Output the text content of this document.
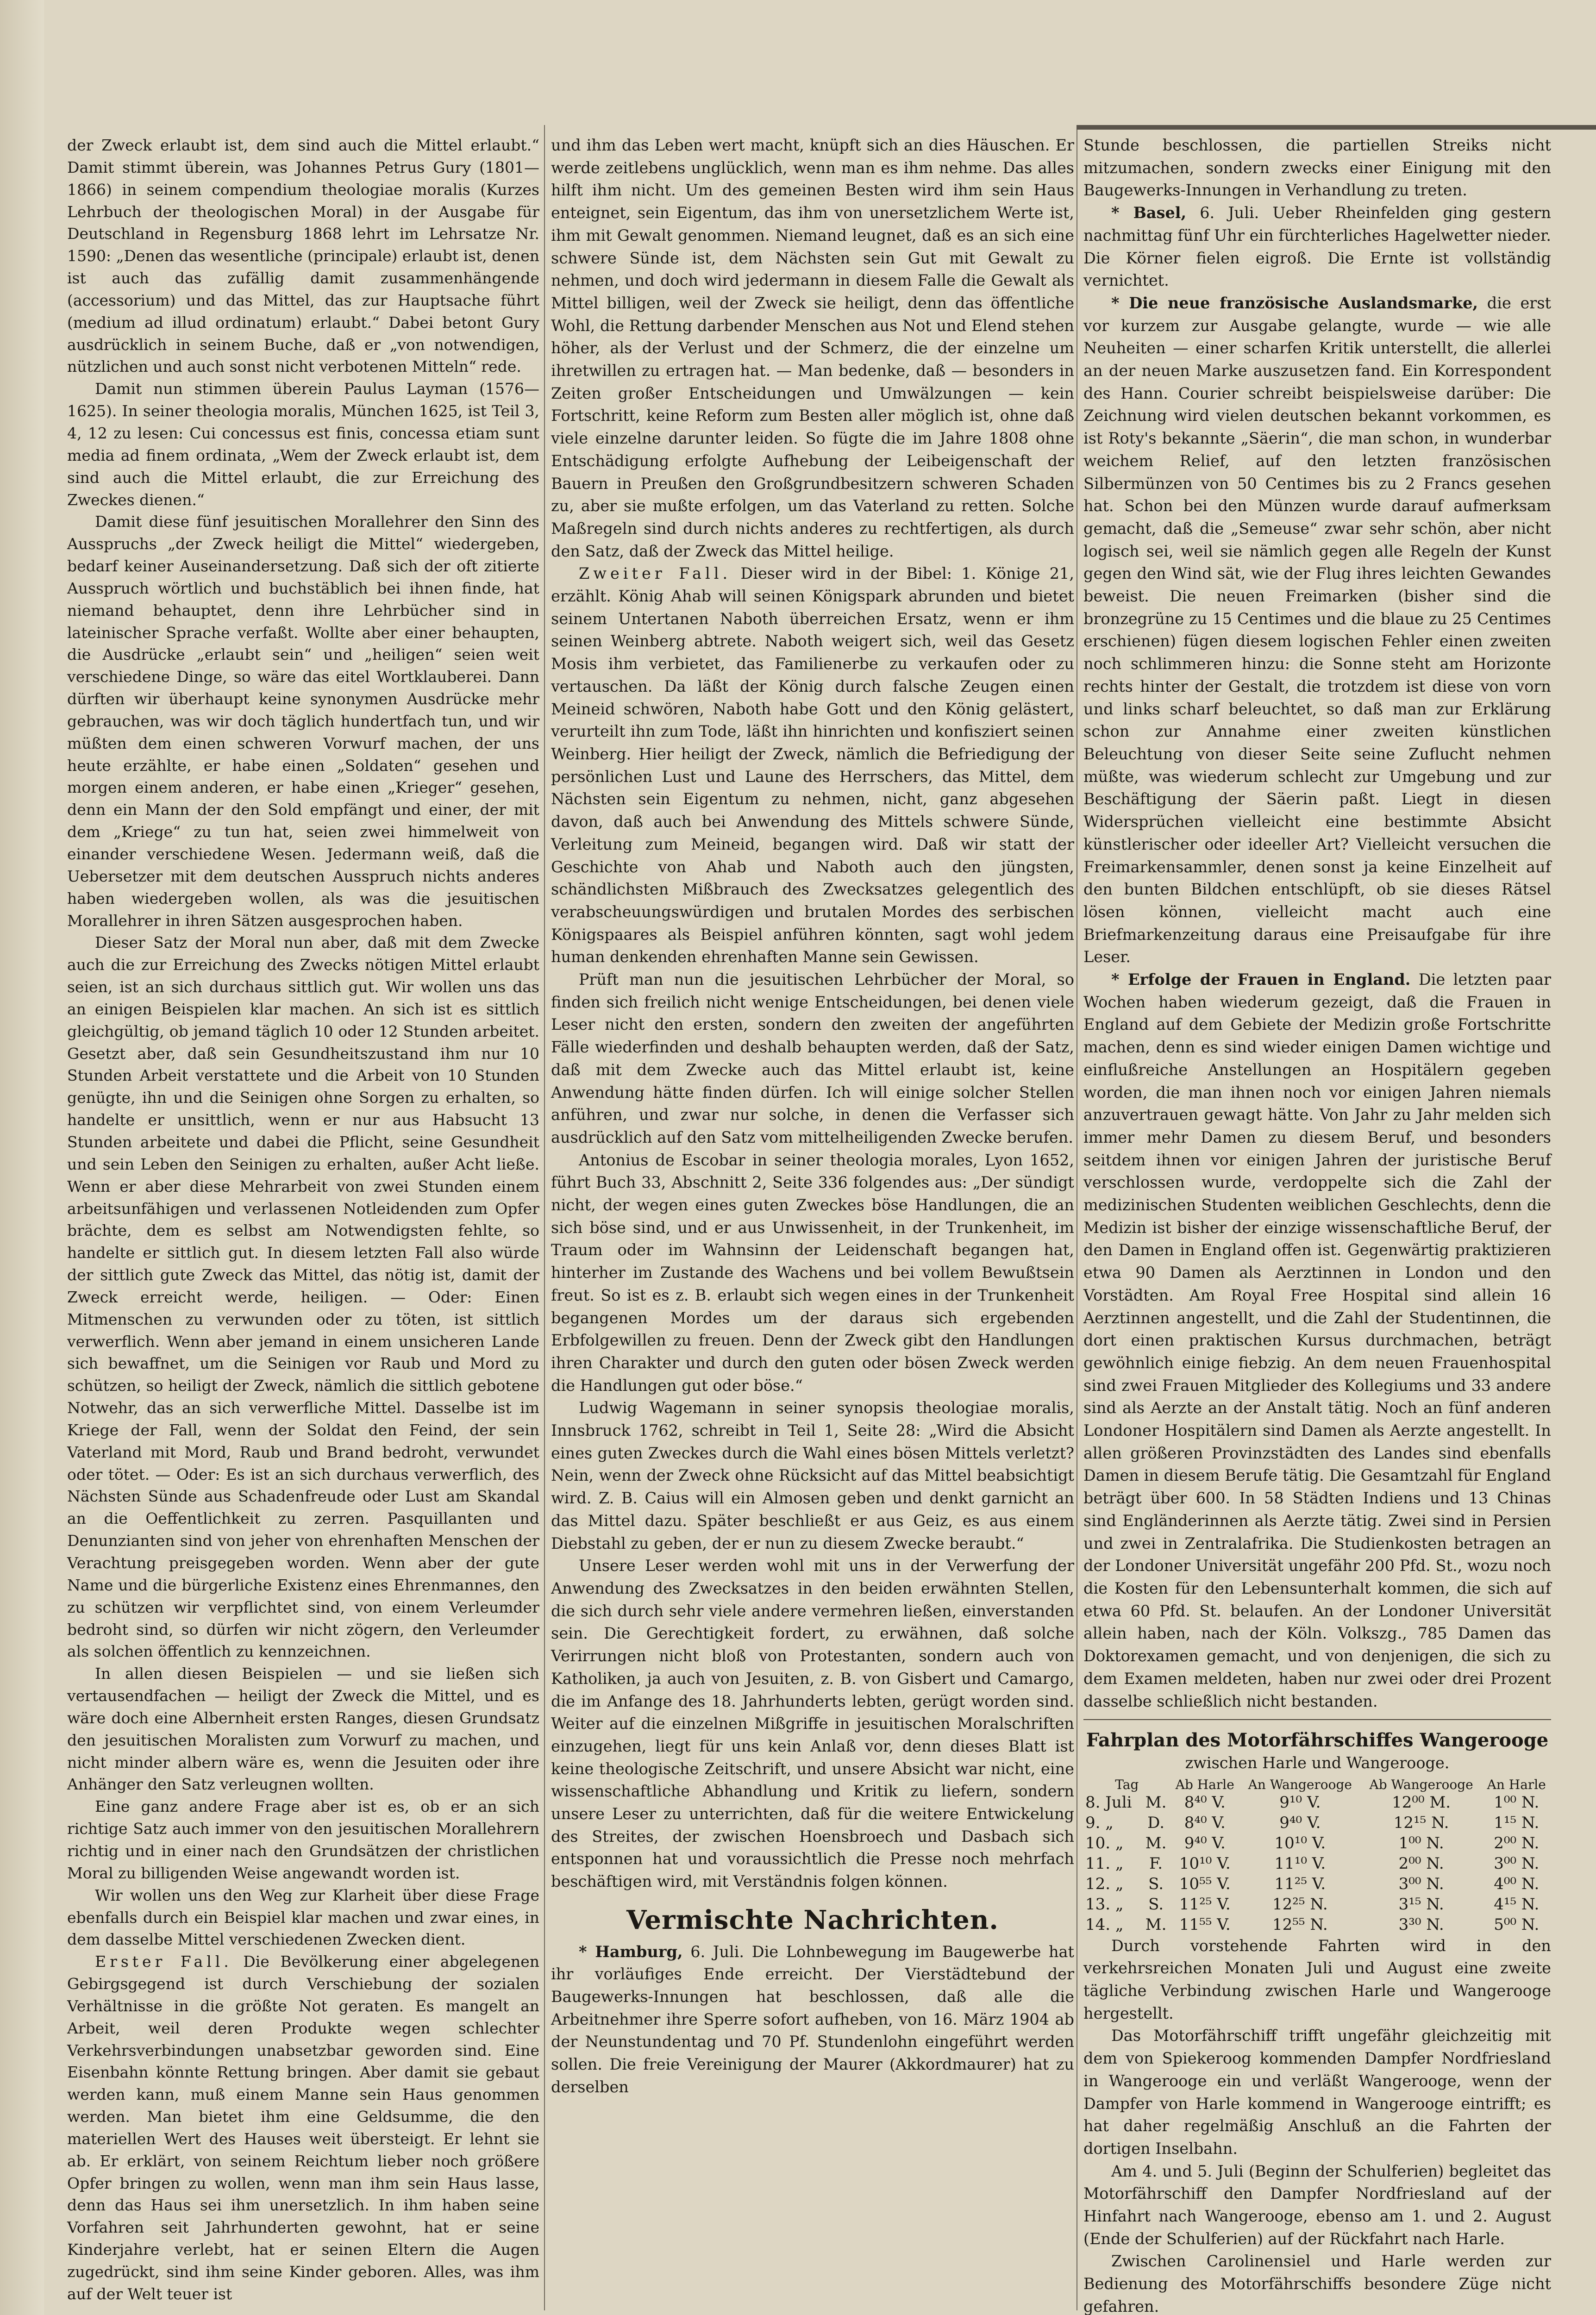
der Zweck erlaubt ist, dem sind auch die Mittel erlaubt.“ Damit stimmt überein, was Johannes Petrus Gury (1801—1866) in seinem compendium theologiae moralis (Kurzes Lehrbuch der theologischen Moral) in der Ausgabe für Deutschland in Regensburg 1868 lehrt im Lehrsatze Nr. 1590: „Denen das wesentliche (principale) erlaubt ist, denen ist auch das zufällig damit zusammenhängende (accessorium) und das Mittel, das zur Hauptsache führt (medium ad illud ordinatum) erlaubt.“ Dabei betont Gury ausdrücklich in seinem Buche, daß er „von notwendigen, nützlichen und auch sonst nicht verbotenen Mitteln“ rede.

Damit nun stimmen überein Paulus Layman (1576—1625). In seiner theologia moralis, München 1625, ist Teil 3, 4, 12 zu lesen: Cui concessus est finis, concessa etiam sunt media ad finem ordinata, „Wem der Zweck erlaubt ist, dem sind auch die Mittel erlaubt, die zur Erreichung des Zweckes dienen.“

Damit diese fünf jesuitischen Morallehrer den Sinn des Ausspruchs „der Zweck heiligt die Mittel“ wiedergeben, bedarf keiner Auseinandersetzung. Daß sich der oft zitierte Ausspruch wörtlich und buchstäblich bei ihnen finde, hat niemand behauptet, denn ihre Lehrbücher sind in lateinischer Sprache verfaßt. Wollte aber einer behaupten, die Ausdrücke „erlaubt sein“ und „heiligen“ seien weit verschiedene Dinge, so wäre das eitel Wortklauberei. Dann dürften wir überhaupt keine synonymen Ausdrücke mehr gebrauchen, was wir doch täglich hundertfach tun, und wir müßten dem einen schweren Vorwurf machen, der uns heute erzählte, er habe einen „Soldaten“ gesehen und morgen einem anderen, er habe einen „Krieger“ gesehen, denn ein Mann der den Sold empfängt und einer, der mit dem „Kriege“ zu tun hat, seien zwei himmelweit von einander verschiedene Wesen. Jedermann weiß, daß die Uebersetzer mit dem deutschen Ausspruch nichts anderes haben wiedergeben wollen, als was die jesuitischen Morallehrer in ihren Sätzen ausgesprochen haben.

Dieser Satz der Moral nun aber, daß mit dem Zwecke auch die zur Erreichung des Zwecks nötigen Mittel erlaubt seien, ist an sich durchaus sittlich gut. Wir wollen uns das an einigen Beispielen klar machen. An sich ist es sittlich gleichgültig, ob jemand täglich 10 oder 12 Stunden arbeitet. Gesetzt aber, daß sein Gesundheitszustand ihm nur 10 Stunden Arbeit verstattete und die Arbeit von 10 Stunden genügte, ihn und die Seinigen ohne Sorgen zu erhalten, so handelte er unsittlich, wenn er nur aus Habsucht 13 Stunden arbeitete und dabei die Pflicht, seine Gesundheit und sein Leben den Seinigen zu erhalten, außer Acht ließe. Wenn er aber diese Mehrarbeit von zwei Stunden einem arbeitsunfähigen und verlassenen Notleidenden zum Opfer brächte, dem es selbst am Notwendigsten fehlte, so handelte er sittlich gut. In diesem letzten Fall also würde der sittlich gute Zweck das Mittel, das nötig ist, damit der Zweck erreicht werde, heiligen. — Oder: Einen Mitmenschen zu verwunden oder zu töten, ist sittlich verwerflich. Wenn aber jemand in einem unsicheren Lande sich bewaffnet, um die Seinigen vor Raub und Mord zu schützen, so heiligt der Zweck, nämlich die sittlich gebotene Notwehr, das an sich verwerfliche Mittel. Dasselbe ist im Kriege der Fall, wenn der Soldat den Feind, der sein Vaterland mit Mord, Raub und Brand bedroht, verwundet oder tötet. — Oder: Es ist an sich durchaus verwerflich, des Nächsten Sünde aus Schadenfreude oder Lust am Skandal an die Oeffentlichkeit zu zerren. Pasquillanten und Denunzianten sind von jeher von ehrenhaften Menschen der Verachtung preisgegeben worden. Wenn aber der gute Name und die bürgerliche Existenz eines Ehrenmannes, den zu schützen wir verpflichtet sind, von einem Verleumder bedroht sind, so dürfen wir nicht zögern, den Verleumder als solchen öffentlich zu kennzeichnen.

In allen diesen Beispielen — und sie ließen sich vertausendfachen — heiligt der Zweck die Mittel, und es wäre doch eine Albernheit ersten Ranges, diesen Grundsatz den jesuitischen Moralisten zum Vorwurf zu machen, und nicht minder albern wäre es, wenn die Jesuiten oder ihre Anhänger den Satz verleugnen wollten.

Eine ganz andere Frage aber ist es, ob er an sich richtige Satz auch immer von den jesuitischen Morallehrern richtig und in einer nach den Grundsätzen der christlichen Moral zu billigenden Weise angewandt worden ist.

Wir wollen uns den Weg zur Klarheit über diese Frage ebenfalls durch ein Beispiel klar machen und zwar eines, in dem dasselbe Mittel verschiedenen Zwecken dient.

Erster Fall. Die Bevölkerung einer abgelegenen Gebirgsgegend ist durch Verschiebung der sozialen Verhältnisse in die größte Not geraten. Es mangelt an Arbeit, weil deren Produkte wegen schlechter Verkehrsverbindungen unabsetzbar geworden sind. Eine Eisenbahn könnte Rettung bringen. Aber damit sie gebaut werden kann, muß einem Manne sein Haus genommen werden. Man bietet ihm eine Geldsumme, die den materiellen Wert des Hauses weit übersteigt. Er lehnt sie ab. Er erklärt, von seinem Reichtum lieber noch größere Opfer bringen zu wollen, wenn man ihm sein Haus lasse, denn das Haus sei ihm unersetzlich. In ihm haben seine Vorfahren seit Jahrhunderten gewohnt, hat er seine Kinderjahre verlebt, hat er seinen Eltern die Augen zugedrückt, sind ihm seine Kinder geboren. Alles, was ihm auf der Welt teuer ist

und ihm das Leben wert macht, knüpft sich an dies Häuschen. Er werde zeitlebens unglücklich, wenn man es ihm nehme. Das alles hilft ihm nicht. Um des gemeinen Besten wird ihm sein Haus enteignet, sein Eigentum, das ihm von unersetzlichem Werte ist, ihm mit Gewalt genommen. Niemand leugnet, daß es an sich eine schwere Sünde ist, dem Nächsten sein Gut mit Gewalt zu nehmen, und doch wird jedermann in diesem Falle die Gewalt als Mittel billigen, weil der Zweck sie heiligt, denn das öffentliche Wohl, die Rettung darbender Menschen aus Not und Elend stehen höher, als der Verlust und der Schmerz, die der einzelne um ihretwillen zu ertragen hat. — Man bedenke, daß — besonders in Zeiten großer Entscheidungen und Umwälzungen — kein Fortschritt, keine Reform zum Besten aller möglich ist, ohne daß viele einzelne darunter leiden. So fügte die im Jahre 1808 ohne Entschädigung erfolgte Aufhebung der Leibeigenschaft der Bauern in Preußen den Großgrundbesitzern schweren Schaden zu, aber sie mußte erfolgen, um das Vaterland zu retten. Solche Maßregeln sind durch nichts anderes zu rechtfertigen, als durch den Satz, daß der Zweck das Mittel heilige.

Zweiter Fall. Dieser wird in der Bibel: 1. Könige 21, erzählt. König Ahab will seinen Königspark abrunden und bietet seinem Untertanen Naboth überreichen Ersatz, wenn er ihm seinen Weinberg abtrete. Naboth weigert sich, weil das Gesetz Mosis ihm verbietet, das Familienerbe zu verkaufen oder zu vertauschen. Da läßt der König durch falsche Zeugen einen Meineid schwören, Naboth habe Gott und den König gelästert, verurteilt ihn zum Tode, läßt ihn hinrichten und konfisziert seinen Weinberg. Hier heiligt der Zweck, nämlich die Befriedigung der persönlichen Lust und Laune des Herrschers, das Mittel, dem Nächsten sein Eigentum zu nehmen, nicht, ganz abgesehen davon, daß auch bei Anwendung des Mittels schwere Sünde, Verleitung zum Meineid, begangen wird. Daß wir statt der Geschichte von Ahab und Naboth auch den jüngsten, schändlichsten Mißbrauch des Zwecksatzes gelegentlich des verabscheuungswürdigen und brutalen Mordes des serbischen Königspaares als Beispiel anführen könnten, sagt wohl jedem human denkenden ehrenhaften Manne sein Gewissen.

Prüft man nun die jesuitischen Lehrbücher der Moral, so finden sich freilich nicht wenige Entscheidungen, bei denen viele Leser nicht den ersten, sondern den zweiten der angeführten Fälle wiederfinden und deshalb behaupten werden, daß der Satz, daß mit dem Zwecke auch das Mittel erlaubt ist, keine Anwendung hätte finden dürfen. Ich will einige solcher Stellen anführen, und zwar nur solche, in denen die Verfasser sich ausdrücklich auf den Satz vom mittelheiligenden Zwecke berufen.

Antonius de Escobar in seiner theologia morales, Lyon 1652, führt Buch 33, Abschnitt 2, Seite 336 folgendes aus: „Der sündigt nicht, der wegen eines guten Zweckes böse Handlungen, die an sich böse sind, und er aus Unwissenheit, in der Trunkenheit, im Traum oder im Wahnsinn der Leidenschaft begangen hat, hinterher im Zustande des Wachens und bei vollem Bewußtsein freut. So ist es z. B. erlaubt sich wegen eines in der Trunkenheit begangenen Mordes um der daraus sich ergebenden Erbfolgewillen zu freuen. Denn der Zweck gibt den Handlungen ihren Charakter und durch den guten oder bösen Zweck werden die Handlungen gut oder böse.“

Ludwig Wagemann in seiner synopsis theologiae moralis, Innsbruck 1762, schreibt in Teil 1, Seite 28: „Wird die Absicht eines guten Zweckes durch die Wahl eines bösen Mittels verletzt? Nein, wenn der Zweck ohne Rücksicht auf das Mittel beabsichtigt wird. Z. B. Caius will ein Almosen geben und denkt garnicht an das Mittel dazu. Später beschließt er aus Geiz, es aus einem Diebstahl zu geben, der er nun zu diesem Zwecke beraubt.“

Unsere Leser werden wohl mit uns in der Verwerfung der Anwendung des Zwecksatzes in den beiden erwähnten Stellen, die sich durch sehr viele andere vermehren ließen, einverstanden sein. Die Gerechtigkeit fordert, zu erwähnen, daß solche Verirrungen nicht bloß von Protestanten, sondern auch von Katholiken, ja auch von Jesuiten, z. B. von Gisbert und Camargo, die im Anfange des 18. Jahrhunderts lebten, gerügt worden sind. Weiter auf die einzelnen Mißgriffe in jesuitischen Moralschriften einzugehen, liegt für uns kein Anlaß vor, denn dieses Blatt ist keine theologische Zeitschrift, und unsere Absicht war nicht, eine wissenschaftliche Abhandlung und Kritik zu liefern, sondern unsere Leser zu unterrichten, daß für die weitere Entwickelung des Streites, der zwischen Hoensbroech und Dasbach sich entsponnen hat und voraussichtlich die Presse noch mehrfach beschäftigen wird, mit Verständnis folgen können.

Vermischte Nachrichten.

* Hamburg, 6. Juli. Die Lohnbewegung im Baugewerbe hat ihr vorläufiges Ende erreicht. Der Vierstädtebund der Baugewerks-Innungen hat beschlossen, daß alle die Arbeitnehmer ihre Sperre sofort aufheben, von 16. März 1904 ab der Neunstundentag und 70 Pf. Stundenlohn eingeführt werden sollen. Die freie Vereinigung der Maurer (Akkordmaurer) hat zu derselben

Stunde beschlossen, die partiellen Streiks nicht mitzumachen, sondern zwecks einer Einigung mit den Baugewerks-Innungen in Verhandlung zu treten.

* Basel, 6. Juli. Ueber Rheinfelden ging gestern nachmittag fünf Uhr ein fürchterliches Hagelwetter nieder. Die Körner fielen eigroß. Die Ernte ist vollständig vernichtet.

* Die neue französische Auslandsmarke, die erst vor kurzem zur Ausgabe gelangte, wurde — wie alle Neuheiten — einer scharfen Kritik unterstellt, die allerlei an der neuen Marke auszusetzen fand. Ein Korrespondent des Hann. Courier schreibt beispielsweise darüber: Die Zeichnung wird vielen deutschen bekannt vorkommen, es ist Roty's bekannte „Säerin“, die man schon, in wunderbar weichem Relief, auf den letzten französischen Silbermünzen von 50 Centimes bis zu 2 Francs gesehen hat. Schon bei den Münzen wurde darauf aufmerksam gemacht, daß die „Semeuse“ zwar sehr schön, aber nicht logisch sei, weil sie nämlich gegen alle Regeln der Kunst gegen den Wind sät, wie der Flug ihres leichten Gewandes beweist. Die neuen Freimarken (bisher sind die bronzegrüne zu 15 Centimes und die blaue zu 25 Centimes erschienen) fügen diesem logischen Fehler einen zweiten noch schlimmeren hinzu: die Sonne steht am Horizonte rechts hinter der Gestalt, die trotzdem ist diese von vorn und links scharf beleuchtet, so daß man zur Erklärung schon zur Annahme einer zweiten künstlichen Beleuchtung von dieser Seite seine Zuflucht nehmen müßte, was wiederum schlecht zur Umgebung und zur Beschäftigung der Säerin paßt. Liegt in diesen Widersprüchen vielleicht eine bestimmte Absicht künstlerischer oder ideeller Art? Vielleicht versuchen die Freimarkensammler, denen sonst ja keine Einzelheit auf den bunten Bildchen entschlüpft, ob sie dieses Rätsel lösen können, vielleicht macht auch eine Briefmarkenzeitung daraus eine Preisaufgabe für ihre Leser.

* Erfolge der Frauen in England. Die letzten paar Wochen haben wiederum gezeigt, daß die Frauen in England auf dem Gebiete der Medizin große Fortschritte machen, denn es sind wieder einigen Damen wichtige und einflußreiche Anstellungen an Hospitälern gegeben worden, die man ihnen noch vor einigen Jahren niemals anzuvertrauen gewagt hätte. Von Jahr zu Jahr melden sich immer mehr Damen zu diesem Beruf, und besonders seitdem ihnen vor einigen Jahren der juristische Beruf verschlossen wurde, verdoppelte sich die Zahl der medizinischen Studenten weiblichen Geschlechts, denn die Medizin ist bisher der einzige wissenschaftliche Beruf, der den Damen in England offen ist. Gegenwärtig praktizieren etwa 90 Damen als Aerztinnen in London und den Vorstädten. Am Royal Free Hospital sind allein 16 Aerztinnen angestellt, und die Zahl der Studentinnen, die dort einen praktischen Kursus durchmachen, beträgt gewöhnlich einige fiebzig. An dem neuen Frauenhospital sind zwei Frauen Mitglieder des Kollegiums und 33 andere sind als Aerzte an der Anstalt tätig. Noch an fünf anderen Londoner Hospitälern sind Damen als Aerzte angestellt. In allen größeren Provinzstädten des Landes sind ebenfalls Damen in diesem Berufe tätig. Die Gesamtzahl für England beträgt über 600. In 58 Städten Indiens und 13 Chinas sind Engländerinnen als Aerzte tätig. Zwei sind in Persien und zwei in Zentralafrika. Die Studienkosten betragen an der Londoner Universität ungefähr 200 Pfd. St., wozu noch die Kosten für den Lebensunterhalt kommen, die sich auf etwa 60 Pfd. St. belaufen. An der Londoner Universität allein haben, nach der Köln. Volkszg., 785 Damen das Doktorexamen gemacht, und von denjenigen, die sich zu dem Examen meldeten, haben nur zwei oder drei Prozent dasselbe schließlich nicht bestanden.

Fahrplan des Motorfährschiffes Wangerooge
zwischen Harle und Wangerooge.
Tag		Ab Harle	An Wangerooge	Ab Wangerooge	An Harle
8. Juli	M.	8⁴⁰ V.	9¹⁰ V.	12⁰⁰ M.	1⁰⁰ N.
9. „	D.	8⁴⁰ V.	9⁴⁰ V.	12¹⁵ N.	1¹⁵ N.
10. „	M.	9⁴⁰ V.	10¹⁰ V.	1⁰⁰ N.	2⁰⁰ N.
11. „	F.	10¹⁰ V.	11¹⁰ V.	2⁰⁰ N.	3⁰⁰ N.
12. „	S.	10⁵⁵ V.	11²⁵ V.	3⁰⁰ N.	4⁰⁰ N.
13. „	S.	11²⁵ V.	12²⁵ N.	3¹⁵ N.	4¹⁵ N.
14. „	M.	11⁵⁵ V.	12⁵⁵ N.	3³⁰ N.	5⁰⁰ N.

Durch vorstehende Fahrten wird in den verkehrsreichen Monaten Juli und August eine zweite tägliche Verbindung zwischen Harle und Wangerooge hergestellt.

Das Motorfährschiff trifft ungefähr gleichzeitig mit dem von Spiekeroog kommenden Dampfer Nordfriesland in Wangerooge ein und verläßt Wangerooge, wenn der Dampfer von Harle kommend in Wangerooge eintrifft; es hat daher regelmäßig Anschluß an die Fahrten der dortigen Inselbahn.

Am 4. und 5. Juli (Beginn der Schulferien) begleitet das Motorfährschiff den Dampfer Nordfriesland auf der Hinfahrt nach Wangerooge, ebenso am 1. und 2. August (Ende der Schulferien) auf der Rückfahrt nach Harle.

Zwischen Carolinensiel und Harle werden zur Bedienung des Motorfährschiffs besondere Züge nicht gefahren.
